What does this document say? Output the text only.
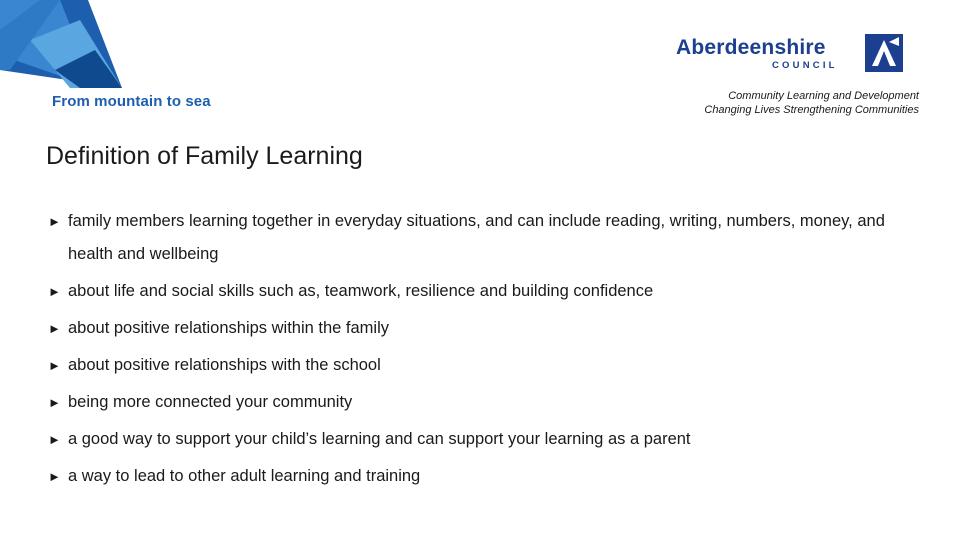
From mountain to sea
Aberdeenshire
COUNCIL
Community Learning and Development
Changing Lives Strengthening Communities
Definition of Family Learning
► family members learning together in everyday situations, and can include reading, writing, numbers, money, and health and wellbeing
► about life and social skills such as, teamwork, resilience and building confidence
► about positive relationships within the family
► about positive relationships with the school
► being more connected your community
► a good way to support your child’s learning and can support your learning as a parent
► a way to lead to other adult learning and training
